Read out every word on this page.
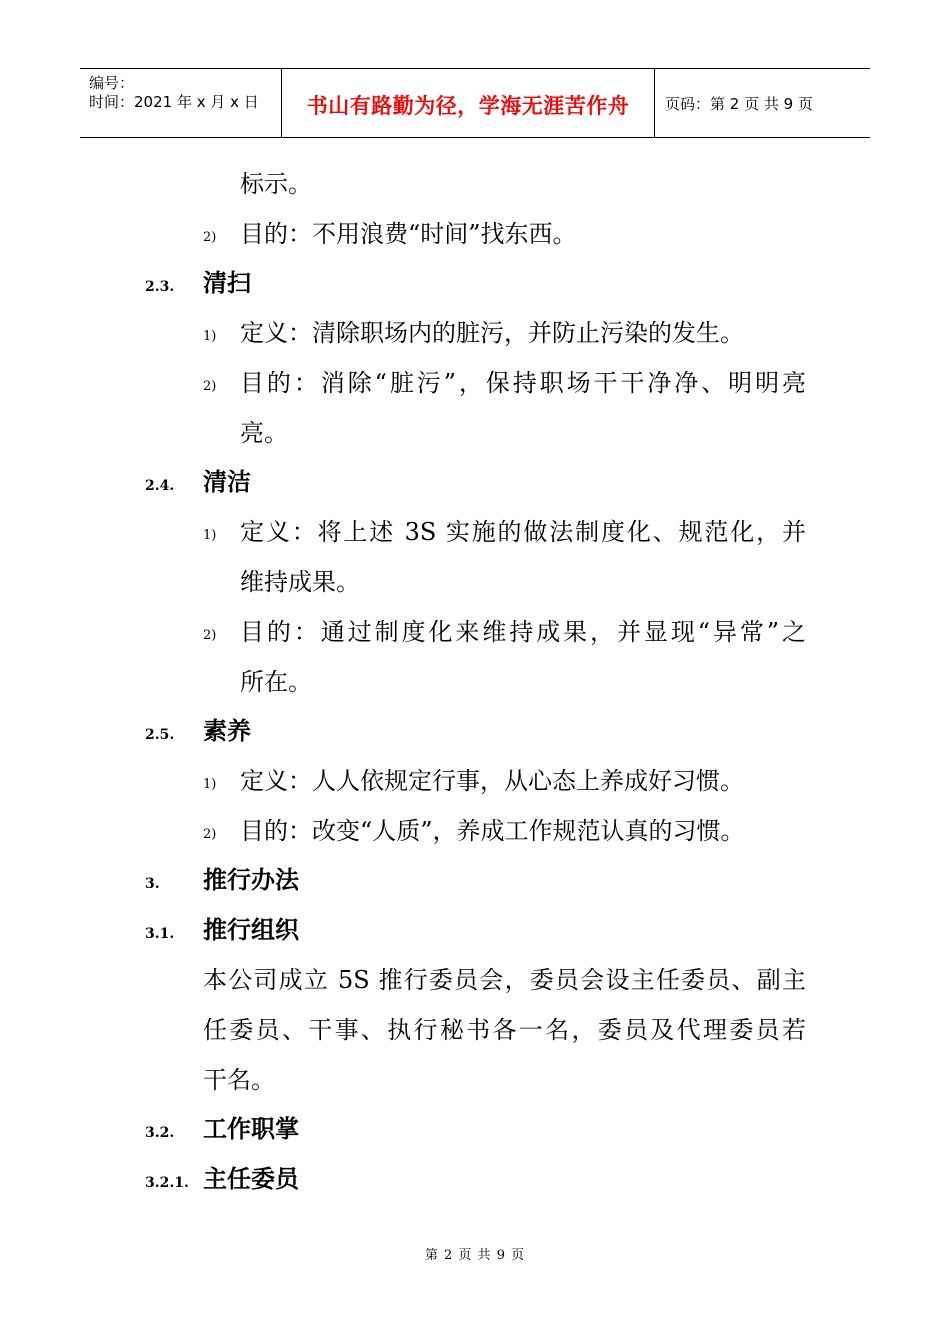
编号：
时间：2021 年 x 月 x 日	书山有路勤为径，学海无涯苦作舟	页码：第 2 页 共 9 页
标示。
2) 目的：不用浪费“时间”找东西。
2.3. 清扫
1) 定义：清除职场内的脏污，并防止污染的发生。
2) 目的：消除“脏污”，保持职场干干净净、明明亮
亮。
2.4. 清洁
1) 定义：将上述 3S 实施的做法制度化、规范化，并
维持成果。
2) 目的：通过制度化来维持成果，并显现“异常”之
所在。
2.5. 素养
1) 定义：人人依规定行事，从心态上养成好习惯。
2) 目的：改变“人质”，养成工作规范认真的习惯。
3. 推行办法
3.1. 推行组织
本公司成立 5S 推行委员会，委员会设主任委员、副主
任委员、干事、执行秘书各一名，委员及代理委员若
干名。
3.2. 工作职掌
3.2.1. 主任委员
第 2 页 共 9 页
